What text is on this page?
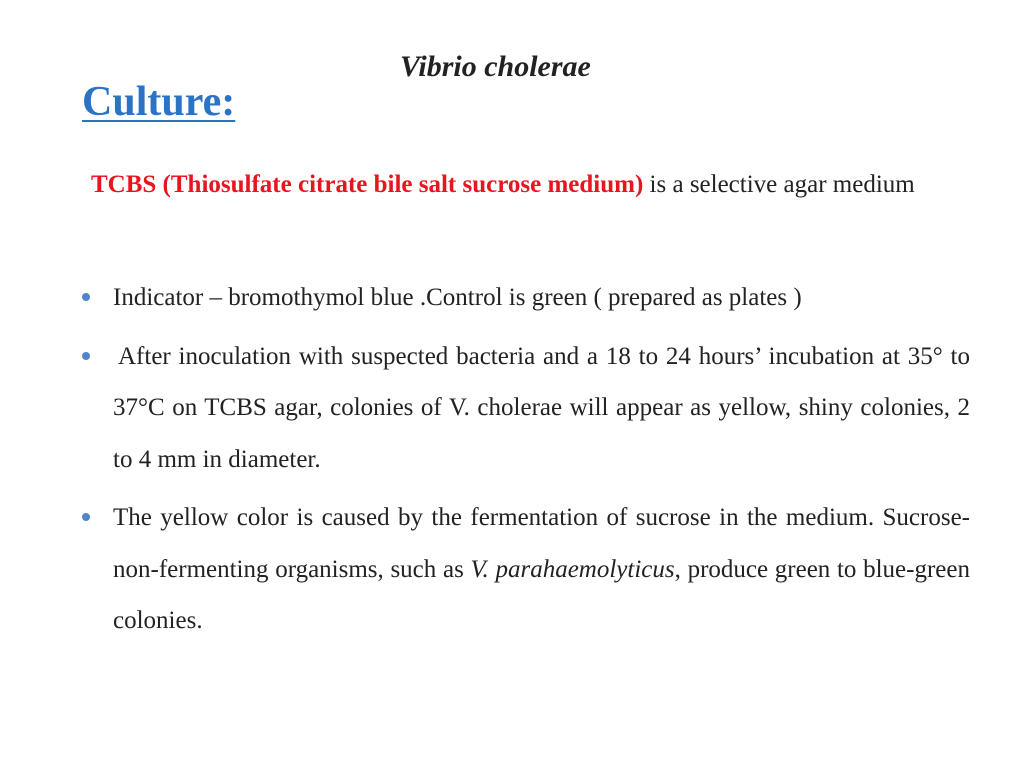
Vibrio cholerae
Culture:

TCBS (Thiosulfate citrate bile salt sucrose medium) is a selective agar medium

Indicator – bromothymol blue .Control is green ( prepared as plates )
After inoculation with suspected bacteria and a 18 to 24 hours’ incubation at 35° to 37°C on TCBS agar, colonies of V. cholerae will appear as yellow, shiny colonies, 2 to 4 mm in diameter.
The yellow color is caused by the fermentation of sucrose in the medium. Sucrose-non-fermenting organisms, such as V. parahaemolyticus, produce green to blue-green colonies.
